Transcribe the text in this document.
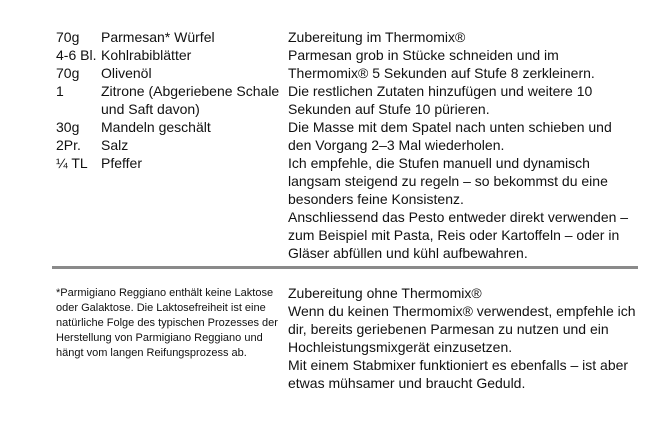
70g	Parmesan* Würfel
4-6 Bl. Kohlrabiblätter
70g	Olivenöl
1	Zitrone (Abgeriebene Schale und Saft davon)
30g	Mandeln geschält
2Pr.	Salz
¼ TL Pfeffer
Zubereitung im Thermomix®
Parmesan grob in Stücke schneiden und im Thermomix® 5 Sekunden auf Stufe 8 zerkleinern.
Die restlichen Zutaten hinzufügen und weitere 10 Sekunden auf Stufe 10 pürieren.
Die Masse mit dem Spatel nach unten schieben und den Vorgang 2–3 Mal wiederholen.
Ich empfehle, die Stufen manuell und dynamisch langsam steigend zu regeln – so bekommst du eine besonders feine Konsistenz.
Anschliessend das Pesto entweder direkt verwenden – zum Beispiel mit Pasta, Reis oder Kartoffeln – oder in Gläser abfüllen und kühl aufbewahren.
*Parmigiano Reggiano enthält keine Laktose oder Galaktose. Die Laktosefreiheit ist eine natürliche Folge des typischen Prozesses der Herstellung von Parmigiano Reggiano und hängt vom langen Reifungsprozess ab.
Zubereitung ohne Thermomix®
Wenn du keinen Thermomix® verwendest, empfehle ich dir, bereits geriebenen Parmesan zu nutzen und ein Hochleistungsmixgerät einzusetzen.
Mit einem Stabmixer funktioniert es ebenfalls – ist aber etwas mühsamer und braucht Geduld.
